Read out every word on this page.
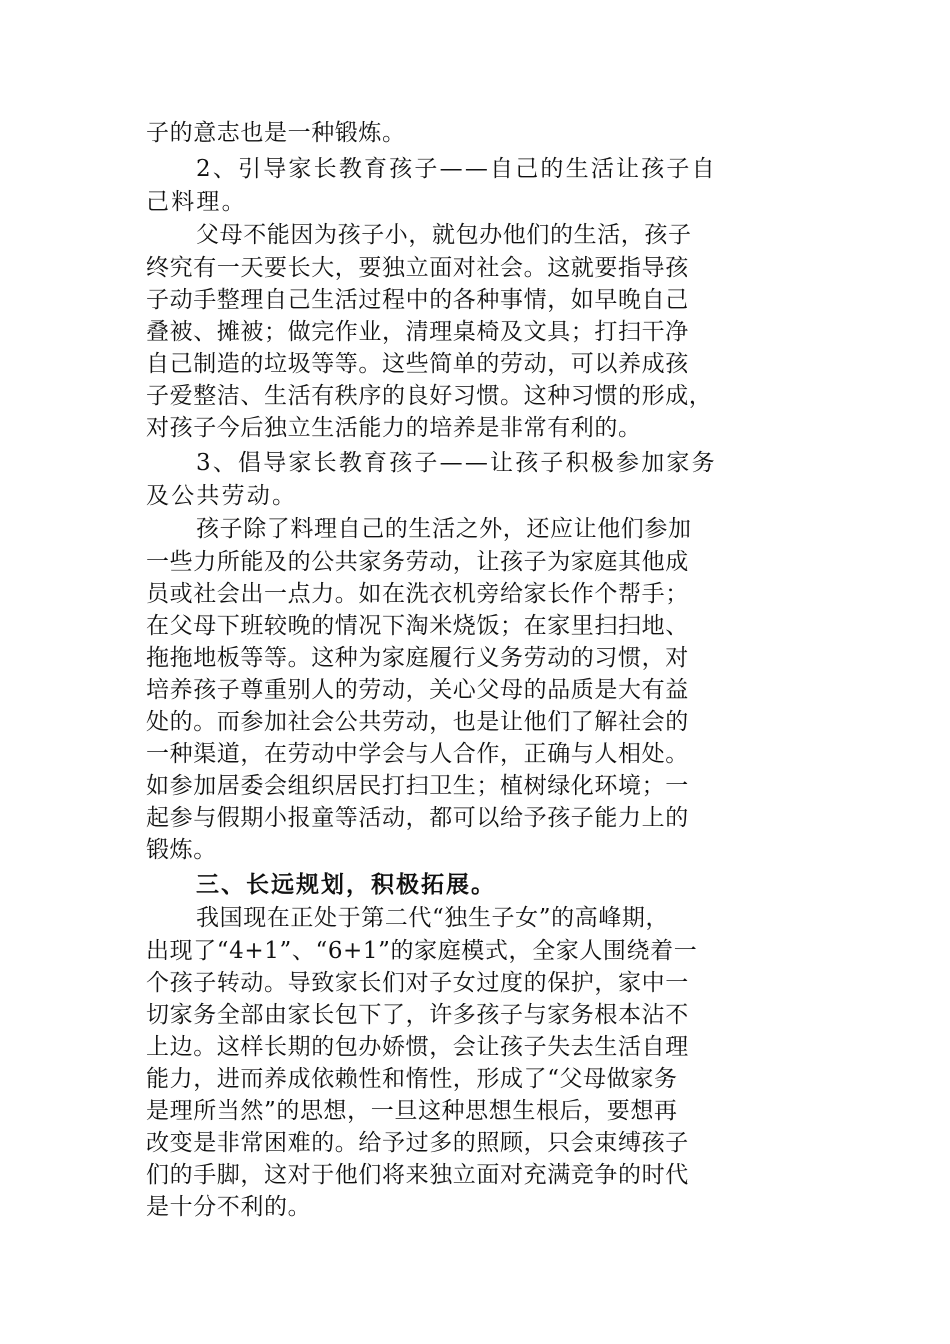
子的意志也是一种锻炼。
2、引导家长教育孩子——自己的生活让孩子自
己料理。
父母不能因为孩子小，就包办他们的生活，孩子
终究有一天要长大，要独立面对社会。这就要指导孩
子动手整理自己生活过程中的各种事情，如早晚自己
叠被、摊被；做完作业，清理桌椅及文具；打扫干净
自己制造的垃圾等等。这些简单的劳动，可以养成孩
子爱整洁、生活有秩序的良好习惯。这种习惯的形成，
对孩子今后独立生活能力的培养是非常有利的。
3、倡导家长教育孩子——让孩子积极参加家务
及公共劳动。
孩子除了料理自己的生活之外，还应让他们参加
一些力所能及的公共家务劳动，让孩子为家庭其他成
员或社会出一点力。如在洗衣机旁给家长作个帮手；
在父母下班较晚的情况下淘米烧饭；在家里扫扫地、
拖拖地板等等。这种为家庭履行义务劳动的习惯，对
培养孩子尊重别人的劳动，关心父母的品质是大有益
处的。而参加社会公共劳动，也是让他们了解社会的
一种渠道，在劳动中学会与人合作，正确与人相处。
如参加居委会组织居民打扫卫生；植树绿化环境；一
起参与假期小报童等活动，都可以给予孩子能力上的
锻炼。
三、长远规划，积极拓展。
我国现在正处于第二代“独生子女”的高峰期，
出现了“4+1”、“6+1”的家庭模式，全家人围绕着一
个孩子转动。导致家长们对子女过度的保护，家中一
切家务全部由家长包下了，许多孩子与家务根本沾不
上边。这样长期的包办娇惯，会让孩子失去生活自理
能力，进而养成依赖性和惰性，形成了“父母做家务
是理所当然”的思想，一旦这种思想生根后，要想再
改变是非常困难的。给予过多的照顾，只会束缚孩子
们的手脚，这对于他们将来独立面对充满竞争的时代
是十分不利的。
